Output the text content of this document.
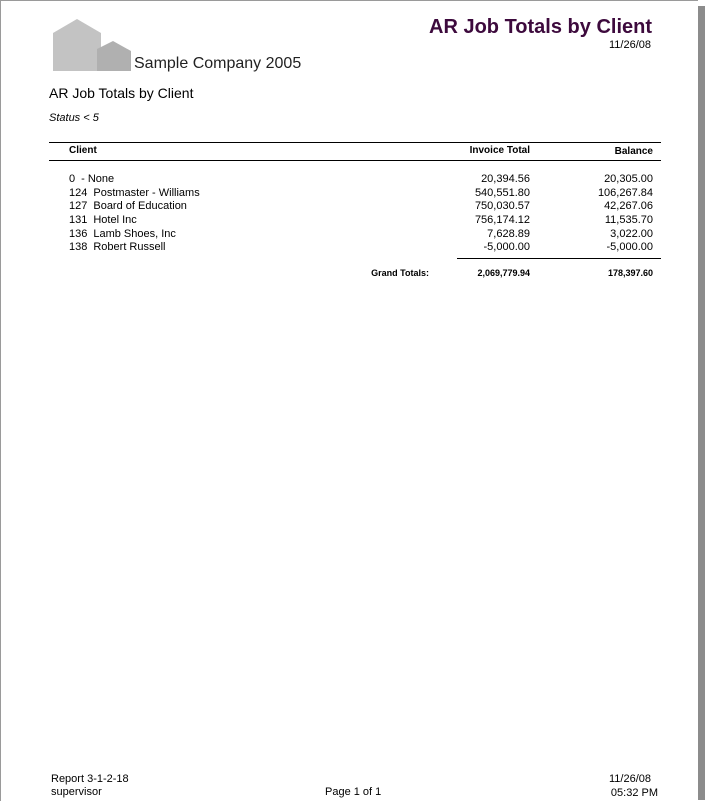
Sample Company 2005
AR Job Totals by Client
11/26/08
AR Job Totals by Client
Status < 5
Client	Invoice Total	Balance
0 - None	20,394.56	20,305.00
124 Postmaster - Williams	540,551.80	106,267.84
127 Board of Education	750,030.57	42,267.06
131 Hotel Inc	756,174.12	11,535.70
136 Lamb Shoes, Inc	7,628.89	3,022.00
138 Robert Russell	-5,000.00	-5,000.00
Grand Totals:	2,069,779.94	178,397.60
Report 3-1-2-18
supervisor	Page 1 of 1
11/26/08
05:32 PM
